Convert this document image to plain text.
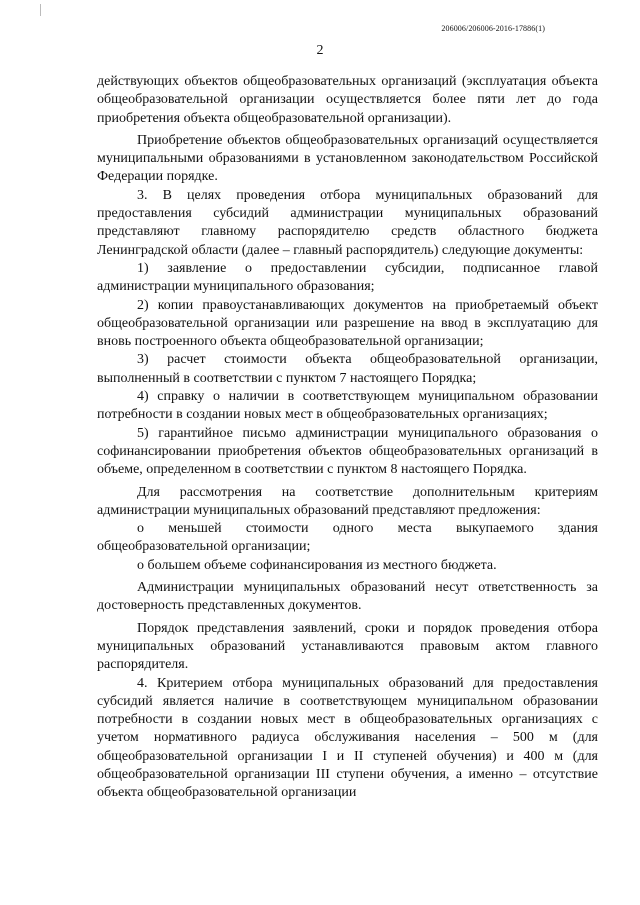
206006/206006-2016-17886(1)
2

действующих объектов общеобразовательных организаций (эксплуатация объекта общеобразовательной организации осуществляется более пяти лет до года приобретения объекта общеобразовательной организации).

Приобретение объектов общеобразовательных организаций осуществляется муниципальными образованиями в установленном законодательством Российской Федерации порядке.

3. В целях проведения отбора муниципальных образований для предоставления субсидий администрации муниципальных образований представляют главному распорядителю средств областного бюджета Ленинградской области (далее – главный распорядитель) следующие документы:

1) заявление о предоставлении субсидии, подписанное главой администрации муниципального образования;

2) копии правоустанавливающих документов на приобретаемый объект общеобразовательной организации или разрешение на ввод в эксплуатацию для вновь построенного объекта общеобразовательной организации;

3) расчет стоимости объекта общеобразовательной организации, выполненный в соответствии с пунктом 7 настоящего Порядка;

4) справку о наличии в соответствующем муниципальном образовании потребности в создании новых мест в общеобразовательных организациях;

5) гарантийное письмо администрации муниципального образования о софинансировании приобретения объектов общеобразовательных организаций в объеме, определенном в соответствии с пунктом 8 настоящего Порядка.

Для рассмотрения на соответствие дополнительным критериям администрации муниципальных образований представляют предложения:

о меньшей стоимости одного места выкупаемого здания общеобразовательной организации;

о большем объеме софинансирования из местного бюджета.

Администрации муниципальных образований несут ответственность за достоверность представленных документов.

Порядок представления заявлений, сроки и порядок проведения отбора муниципальных образований устанавливаются правовым актом главного распорядителя.

4. Критерием отбора муниципальных образований для предоставления субсидий является наличие в соответствующем муниципальном образовании потребности в создании новых мест в общеобразовательных организациях с учетом нормативного радиуса обслуживания населения – 500 м (для общеобразовательной организации I и II ступеней обучения) и 400 м (для общеобразовательной организации III ступени обучения, а именно – отсутствие объекта общеобразовательной организации
